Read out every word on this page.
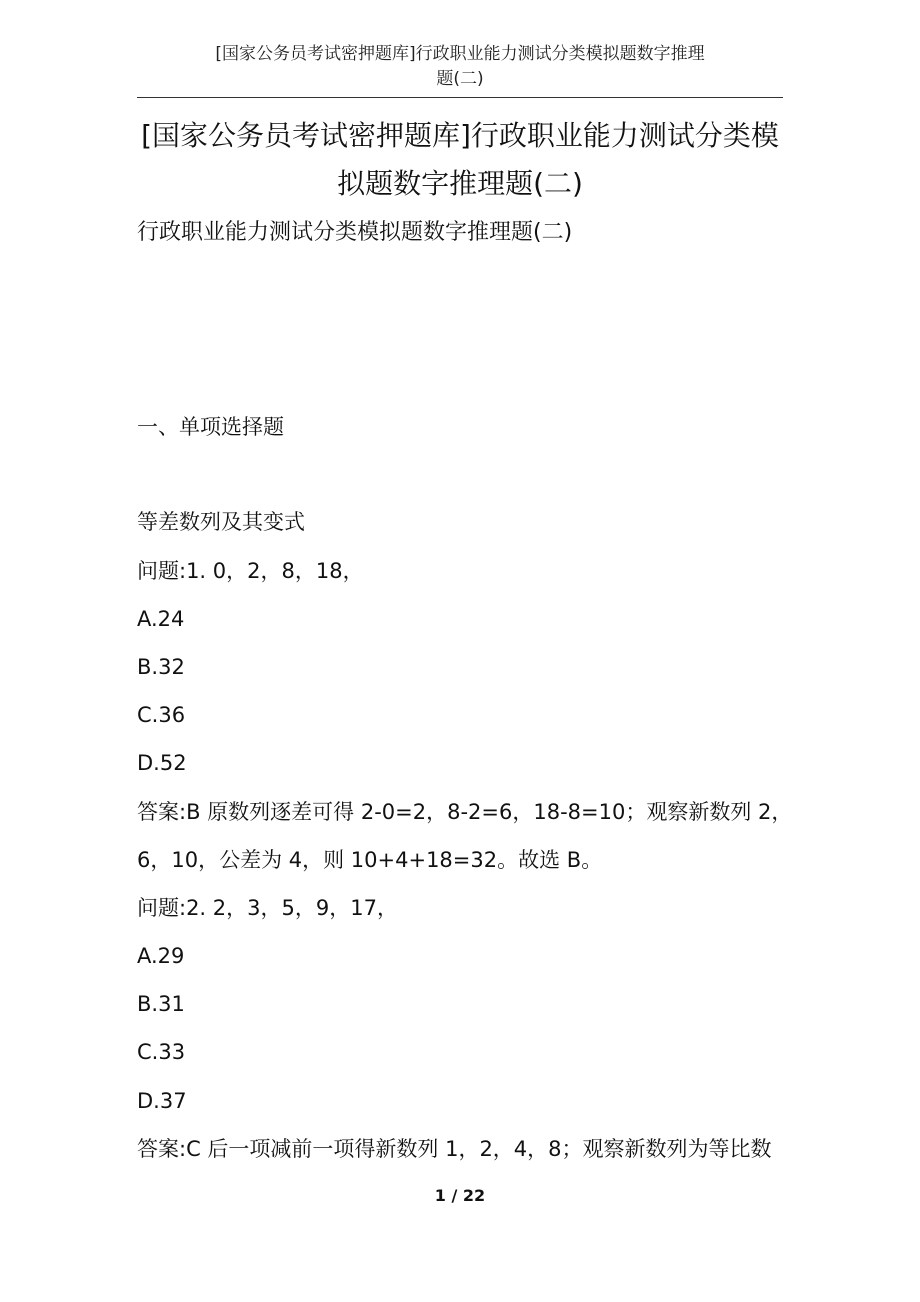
[国家公务员考试密押题库]行政职业能力测试分类模拟题数字推理
题(二)
[国家公务员考试密押题库]行政职业能力测试分类模
拟题数字推理题(二)
行政职业能力测试分类模拟题数字推理题(二)
一、单项选择题
等差数列及其变式
问题:1. 0，2，8，18，
A.24
B.32
C.36
D.52
答案:B 原数列逐差可得 2-0=2，8-2=6，18-8=10；观察新数列 2，
6，10，公差为 4，则 10+4+18=32。故选 B。
问题:2. 2，3，5，9，17，
A.29
B.31
C.33
D.37
答案:C 后一项减前一项得新数列 1，2，4，8；观察新数列为等比数
1 / 22
